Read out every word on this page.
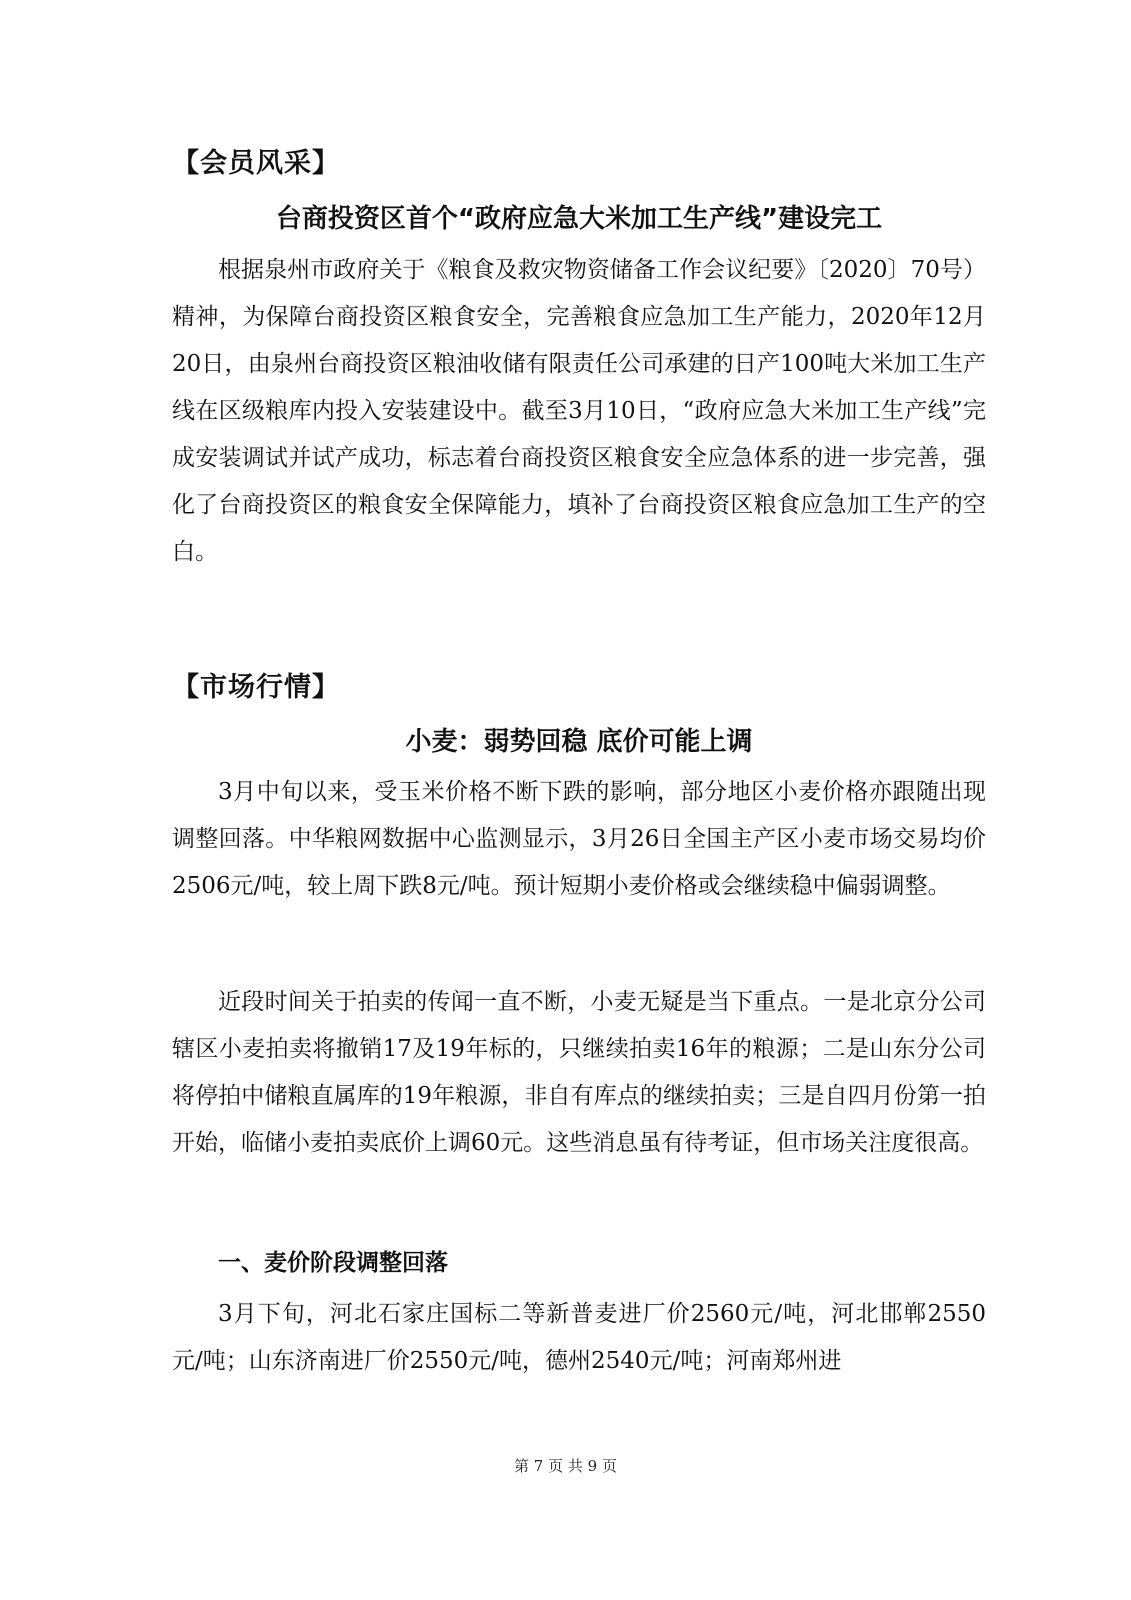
【会员风采】
台商投资区首个“政府应急大米加工生产线”建设完工

根据泉州市政府关于《粮食及救灾物资储备工作会议纪要》〔2020〕70号）精神，为保障台商投资区粮食安全，完善粮食应急加工生产能力，2020年12月20日，由泉州台商投资区粮油收储有限责任公司承建的日产100吨大米加工生产线在区级粮库内投入安装建设中。截至3月10日，“政府应急大米加工生产线”完成安装调试并试产成功，标志着台商投资区粮食安全应急体系的进一步完善，强化了台商投资区的粮食安全保障能力，填补了台商投资区粮食应急加工生产的空白。

【市场行情】
小麦：弱势回稳 底价可能上调

3月中旬以来，受玉米价格不断下跌的影响，部分地区小麦价格亦跟随出现调整回落。中华粮网数据中心监测显示，3月26日全国主产区小麦市场交易均价2506元/吨，较上周下跌8元/吨。预计短期小麦价格或会继续稳中偏弱调整。

近段时间关于拍卖的传闻一直不断，小麦无疑是当下重点。一是北京分公司辖区小麦拍卖将撤销17及19年标的，只继续拍卖16年的粮源；二是山东分公司将停拍中储粮直属库的19年粮源，非自有库点的继续拍卖；三是自四月份第一拍开始，临储小麦拍卖底价上调60元。这些消息虽有待考证，但市场关注度很高。

一、麦价阶段调整回落

3月下旬，河北石家庄国标二等新普麦进厂价2560元/吨，河北邯郸2550元/吨；山东济南进厂价2550元/吨，德州2540元/吨；河南郑州进

第 7 页 共 9 页
